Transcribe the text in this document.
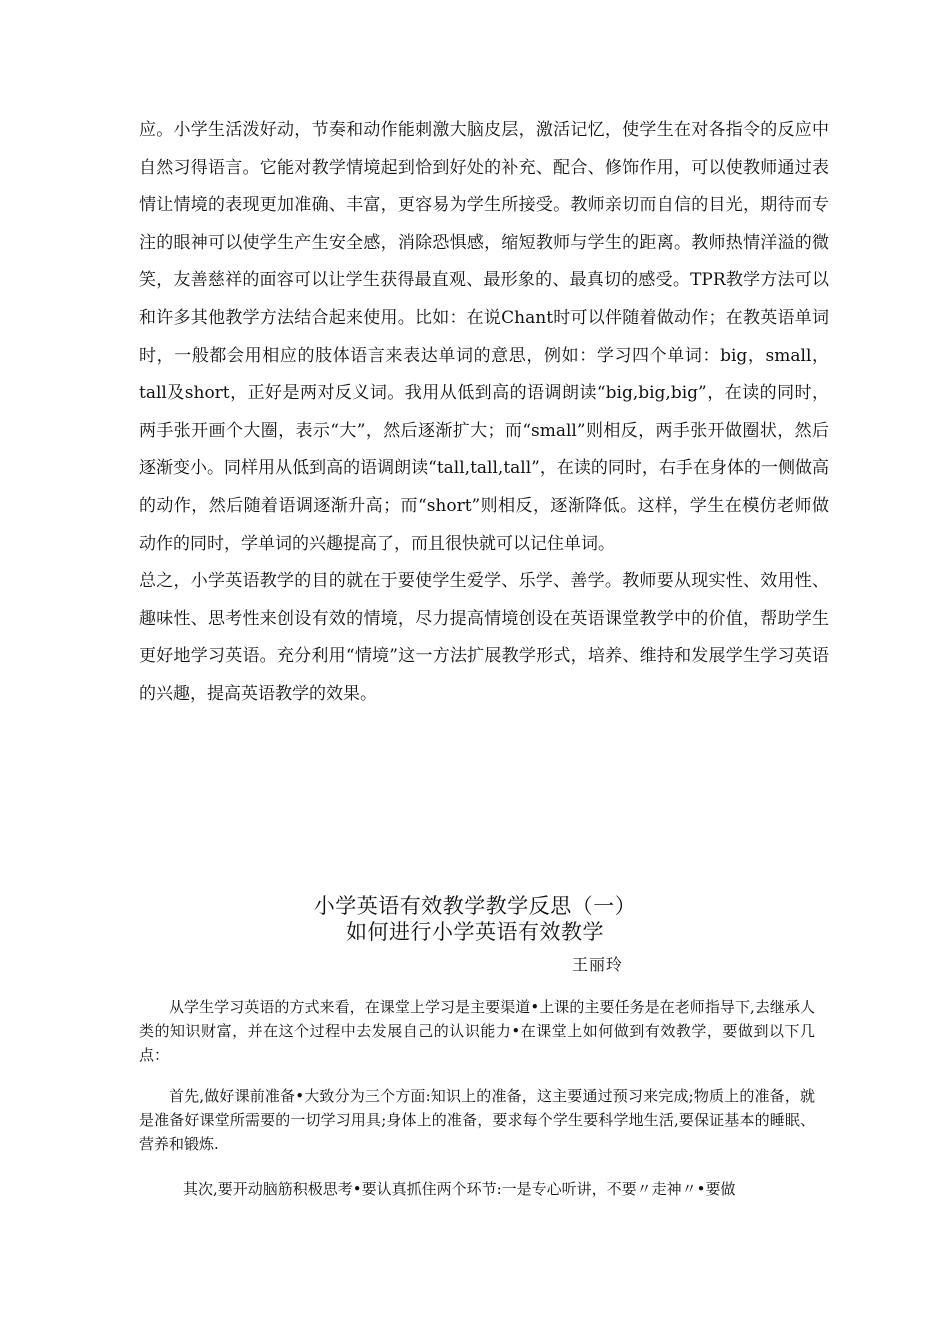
应。小学生活泼好动，节奏和动作能刺激大脑皮层，激活记忆，使学生在对各指令的反应中自然习得语言。它能对教学情境起到恰到好处的补充、配合、修饰作用，可以使教师通过表情让情境的表现更加准确、丰富，更容易为学生所接受。教师亲切而自信的目光，期待而专注的眼神可以使学生产生安全感，消除恐惧感，缩短教师与学生的距离。教师热情洋溢的微笑，友善慈祥的面容可以让学生获得最直观、最形象的、最真切的感受。TPR教学方法可以和许多其他教学方法结合起来使用。比如：在说Chant时可以伴随着做动作；在教英语单词时，一般都会用相应的肢体语言来表达单词的意思，例如：学习四个单词：big，small，tall及short，正好是两对反义词。我用从低到高的语调朗读“big,big,big”，在读的同时，两手张开画个大圈，表示“大”，然后逐渐扩大；而“small”则相反，两手张开做圈状，然后逐渐变小。同样用从低到高的语调朗读“tall,tall,tall”，在读的同时，右手在身体的一侧做高的动作，然后随着语调逐渐升高；而“short”则相反，逐渐降低。这样，学生在模仿老师做动作的同时，学单词的兴趣提高了，而且很快就可以记住单词。

总之，小学英语教学的目的就在于要使学生爱学、乐学、善学。教师要从现实性、效用性、趣味性、思考性来创设有效的情境，尽力提高情境创设在英语课堂教学中的价值，帮助学生更好地学习英语。充分利用“情境”这一方法扩展教学形式，培养、维持和发展学生学习英语的兴趣，提高英语教学的效果。

小学英语有效教学教学反思（一）
如何进行小学英语有效教学
王丽玲

从学生学习英语的方式来看，在课堂上学习是主要渠道•上课的主要任务是在老师指导下,去继承人类的知识财富，并在这个过程中去发展自己的认识能力•在课堂上如何做到有效教学，要做到以下几点：

首先,做好课前准备•大致分为三个方面:知识上的准备，这主要通过预习来完成;物质上的准备，就是准备好课堂所需要的一切学习用具;身体上的准备，要求每个学生要科学地生活,要保证基本的睡眠、营养和锻炼.

其次,要开动脑筋积极思考•要认真抓住两个环节:一是专心听讲，不要〃走神〃•要做
